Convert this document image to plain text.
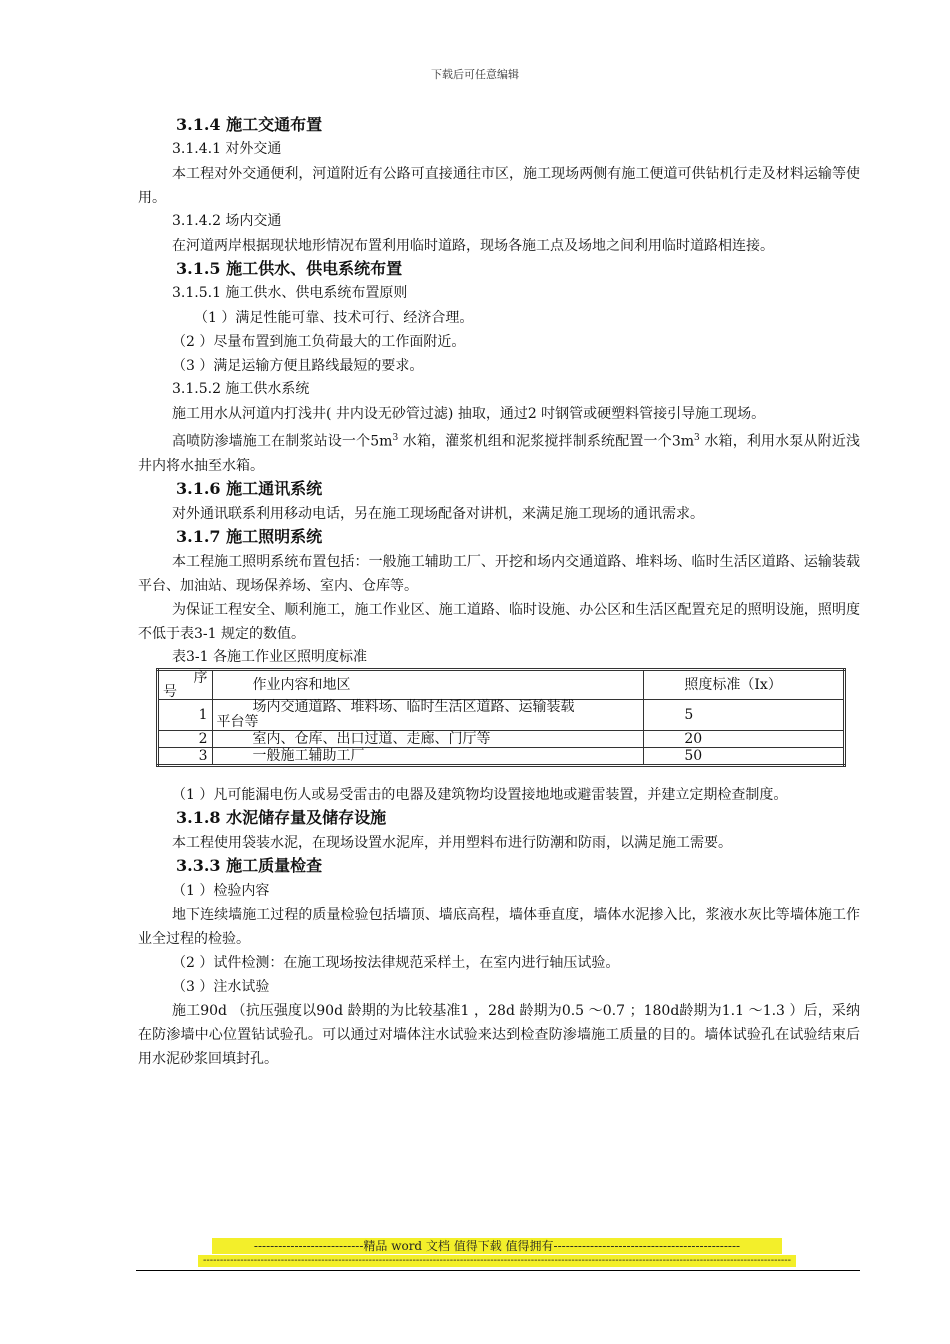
下载后可任意编辑
3.1.4 施工交通布置
3.1.4.1 对外交通

本工程对外交通便利，河道附近有公路可直接通往市区，施工现场两侧有施工便道可供钻机行走及材料运输等使用。

3.1.4.2 场内交通

在河道两岸根据现状地形情况布置利用临时道路，现场各施工点及场地之间利用临时道路相连接。

3.1.5 施工供水、供电系统布置
3.1.5.1 施工供水、供电系统布置原则

（1 ）满足性能可靠、技术可行、经济合理。

（2 ）尽量布置到施工负荷最大的工作面附近。

（3 ）满足运输方便且路线最短的要求。

3.1.5.2 施工供水系统

施工用水从河道内打浅井( 井内设无砂管过滤) 抽取，通过2 吋钢管或硬塑料管接引导施工现场。

高喷防渗墙施工在制浆站设一个$5m^3$ 水箱，灌浆机组和泥浆搅拌制系统配置一个$3m^3$ 水箱，利用水泵从附近浅井内将水抽至水箱。

3.1.6 施工通讯系统

对外通讯联系利用移动电话，另在施工现场配备对讲机，来满足施工现场的通讯需求。

3.1.7 施工照明系统

本工程施工照明系统布置包括：一般施工辅助工厂、开挖和场内交通道路、堆料场、临时生活区道路、运输装载平台、加油站、现场保养场、室内、仓库等。

为保证工程安全、顺利施工，施工作业区、施工道路、临时设施、办公区和生活区配置充足的照明设施，照明度不低于表3-1 规定的数值。

表3-1 各施工作业区照明度标准
序
号	作业内容和地区	照度标准（Ix）
1	场内交通道路、堆料场、临时生活区道路、运输装载
平台等	5
2	室内、仓库、出口过道、走廊、门厅等	20
3	一般施工辅助工厂	50

（1 ）凡可能漏电伤人或易受雷击的电器及建筑物均设置接地地或避雷装置，并建立定期检查制度。

3.1.8 水泥储存量及储存设施

本工程使用袋装水泥，在现场设置水泥库，并用塑料布进行防潮和防雨，以满足施工需要。

3.3.3 施工质量检查

（1 ）检验内容

地下连续墙施工过程的质量检验包括墙顶、墙底高程，墙体垂直度，墙体水泥掺入比，浆液水灰比等墙体施工作业全过程的检验。

（2 ）试件检测：在施工现场按法律规范采样土，在室内进行轴压试验。

（3 ）注水试验

施工90d （抗压强度以90d 龄期的为比较基准1 ，28d 龄期为0.5 ～0.7 ；180d龄期为1.1 ～1.3 ）后，采纳在防渗墙中心位置钻试验孔。可以通过对墙体注水试验来达到检查防渗墙施工质量的目的。墙体试验孔在试验结束后用水泥砂浆回填封孔。

---------------------------精品 word 文档 值得下载 值得拥有----------------------------------------------
------------------------------------------------------------------------------------------------------------------------------------------------------------------------------
